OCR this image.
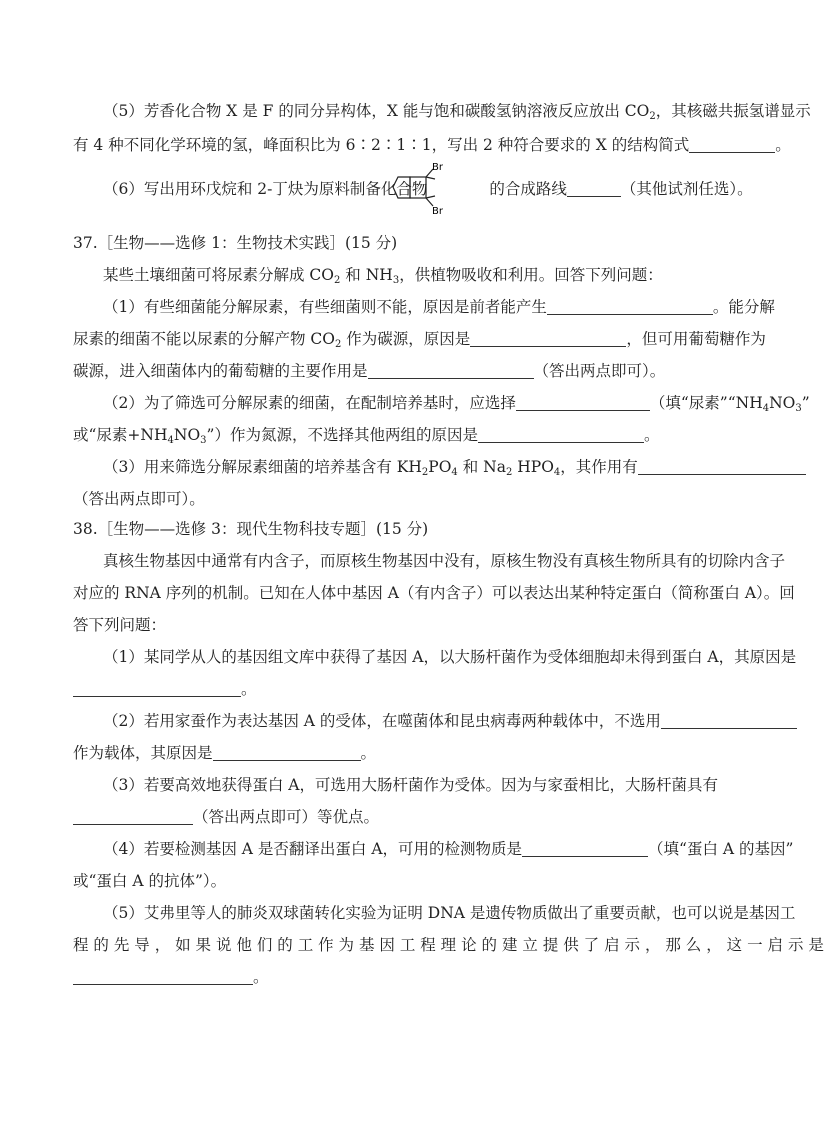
（5）芳香化合物 X 是 F 的同分异构体，X 能与饱和碳酸氢钠溶液反应放出 $CO_2$，其核磁共振氢谱显示
有 4 种不同化学环境的氢，峰面积比为 6∶2∶1∶1，写出 2 种符合要求的 X 的结构简式	。
（6）写出用环戊烷和 2-丁炔为原料制备化合物	的合成路线	（其他试剂任选）。
Br
Br
37.［生物——选修 1：生物技术实践］(15 分)
某些土壤细菌可将尿素分解成 $CO_2$ 和 $NH_3$，供植物吸收和利用。回答下列问题：
（1）有些细菌能分解尿素，有些细菌则不能，原因是前者能产生	。能分解
尿素的细菌不能以尿素的分解产物 $CO_2$ 作为碳源，原因是	，但可用葡萄糖作为
碳源，进入细菌体内的葡萄糖的主要作用是	（答出两点即可）。
（2）为了筛选可分解尿素的细菌，在配制培养基时，应选择	（填“尿素$”“NH_4NO_3$”
或“尿素$+NH_4NO_3$”）作为氮源，不选择其他两组的原因是	。
（3）用来筛选分解尿素细菌的培养基含有 $KH_2PO_4$ 和 $Na_2$ $HPO_4$，其作用有
（答出两点即可）。
38.［生物——选修 3：现代生物科技专题］(15 分)
真核生物基因中通常有内含子，而原核生物基因中没有，原核生物没有真核生物所具有的切除内含子
对应的 RNA 序列的机制。已知在人体中基因 A（有内含子）可以表达出某种特定蛋白（简称蛋白 A）。回
答下列问题：
（1）某同学从人的基因组文库中获得了基因 A，以大肠杆菌作为受体细胞却未得到蛋白 A，其原因是
。
（2）若用家蚕作为表达基因 A 的受体，在噬菌体和昆虫病毒两种载体中，不选用
作为载体，其原因是	。
（3）若要高效地获得蛋白 A，可选用大肠杆菌作为受体。因为与家蚕相比，大肠杆菌具有
（答出两点即可）等优点。
（4）若要检测基因 A 是否翻译出蛋白 A，可用的检测物质是	（填“蛋白 A 的基因”
或“蛋白 A 的抗体”）。
（5）艾弗里等人的肺炎双球菌转化实验为证明 DNA 是遗传物质做出了重要贡献，也可以说是基因工
程 的 先 导 ， 如 果 说 他 们 的 工 作 为 基 因 工 程 理 论 的 建 立 提 供 了 启 示 ， 那 么 ， 这 一 启 示 是
。
